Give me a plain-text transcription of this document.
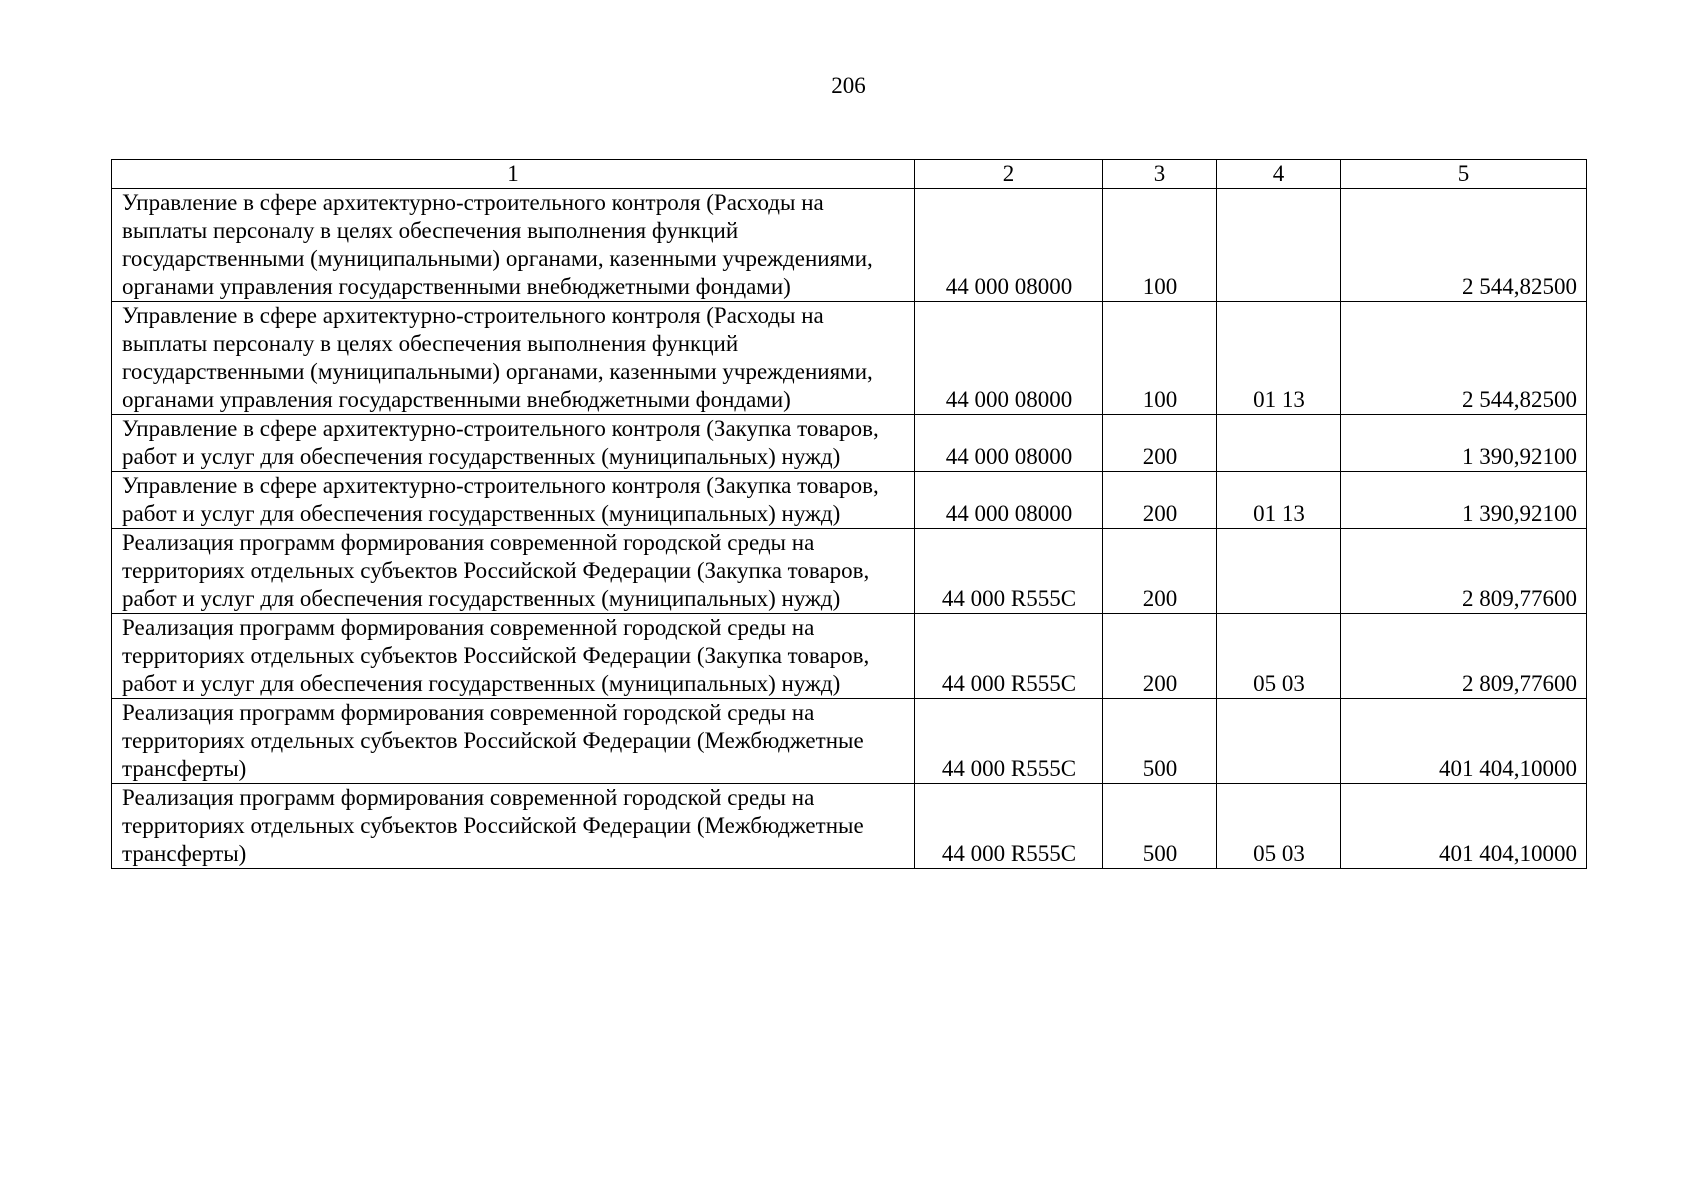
206
1	2	3	4	5
Управление в сфере архитектурно-строительного контроля (Расходы на выплаты персоналу в целях обеспечения выполнения функций государственными (муниципальными) органами, казенными учреждениями, органами управления государственными внебюджетными фондами)	44 000 08000	100		2 544,82500
Управление в сфере архитектурно-строительного контроля (Расходы на выплаты персоналу в целях обеспечения выполнения функций государственными (муниципальными) органами, казенными учреждениями, органами управления государственными внебюджетными фондами)	44 000 08000	100	01 13	2 544,82500
Управление в сфере архитектурно-строительного контроля (Закупка товаров, работ и услуг для обеспечения государственных (муниципальных) нужд)	44 000 08000	200		1 390,92100
Управление в сфере архитектурно-строительного контроля (Закупка товаров, работ и услуг для обеспечения государственных (муниципальных) нужд)	44 000 08000	200	01 13	1 390,92100
Реализация программ формирования современной городской среды на территориях отдельных субъектов Российской Федерации (Закупка товаров, работ и услуг для обеспечения государственных (муниципальных) нужд)	44 000 R555C	200		2 809,77600
Реализация программ формирования современной городской среды на территориях отдельных субъектов Российской Федерации (Закупка товаров, работ и услуг для обеспечения государственных (муниципальных) нужд)	44 000 R555C	200	05 03	2 809,77600
Реализация программ формирования современной городской среды на территориях отдельных субъектов Российской Федерации (Межбюджетные трансферты)	44 000 R555C	500		401 404,10000
Реализация программ формирования современной городской среды на территориях отдельных субъектов Российской Федерации (Межбюджетные трансферты)	44 000 R555C	500	05 03	401 404,10000
